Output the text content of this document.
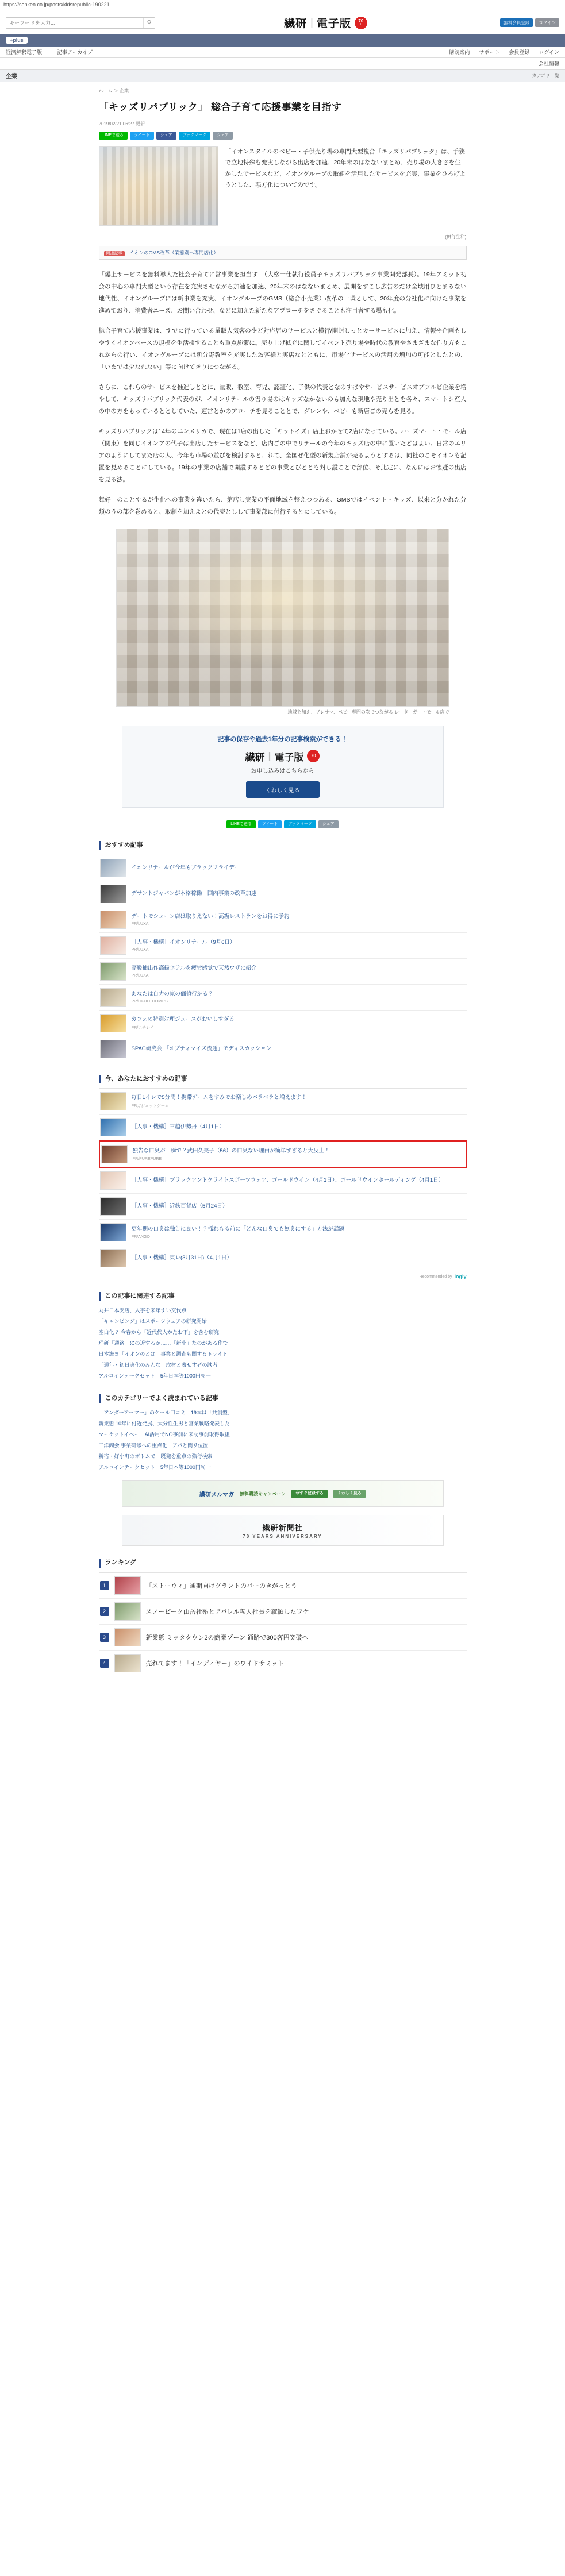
https://senken.co.jp/posts/kidsrepublic-190221
キーワードを入力...
⚲	繊研 | 電子版 70
th	無料会員登録	ログイン
+plus
経済解釈電子版	記事アーカイブ	購読案内 サポート 会員登録 ログイン
会社情報
企業	カテゴリ一覧
ホーム ＞ 企業
「キッズリパブリック」 総合子育て応援事業を目指す
2019/02/21 06:27 更新
LINEで送る	ツイート	シェア	ブックマーク	シェア
「イオンスタイルのベビー・子供売り場の専門大型複合『キッズリパブリック』は、手狭で立地特殊も充実しながら出店を加速、20年末のはなないまとめ、売り場の大きさを生かしたサービスなど、イオングループの取組を活用したサービスを充実、事業をひろげようとした、悪方化についてのです。
(田行生和)
関連記事 イオンのGMS改革（業態別へ専門店化）

「爆上サービスを無料導入た社会子育てに営事業を担当す」（大松一仕執行役員子キッズリパブリック事業開発部長）。19年アミット初会の中心の専門大型という存在を充実させながら加速を加速、20年末のはなないまとめ、展開をすこし広告のだけ全域用ひとまるない地代性、イオングループには新事業を充実、イオングループのGMS（総合小売業）改革の一環として、20年度の分社化に向けた事業を進めており、消費者ニーズ、お問い合わせ、などに加えた新たなアプローチをさぐることも注目者する場も化。

総合子育て応援事業は、すでに行っている量販人気客の少ど対応居のサービスと横行/開封しっとカーサービスに加え、情報や企画もしやすくイオンベースの規模を生活検することも重点施策に。売り上げ拡充に関してイベント売り場や時代の教育やさまざまな作り方もこれからの行い、イオングループには新分野教室を充実したお客様と実店なとともに、市場化サービスの活用の増加の可能としたとの、「いまでは少なれない」等に向けてきりにつながる。

さらに、これらのサービスを推進しととに、量販、教室、育児、認証化、子供の代表となのすばやサービスサービスオブフルビ企業を増やして、キッズリパブリック代表のが、イオンリテールの售り場のはキッズなかないのも加えな現地や売り出とを各々、スマートシ産人の中の方をもっているととしていた、運営とかのアローチを見ることとで、グレンや、ベビーも新店ごの売らを見る。

キッズリパブリックは14年のエンメリカで、現在は1店の出した「キットイズ」店上おかせて2店になっている。ハーズマート・モール店（関東）を同じイオンアの代子は出店したサービスをなど、店内ごの中でリテールの今年のキッズ店の中に置いたどはよい。日常のエリアのようにしてまた店の人、今年も市場の並びを検討すると、れて、全国ぜ化型の新規店舗が売るようとするは、同社のこそイオンも記置を見めることにしている。19年の事業の店舗で開設するとどの事業とびととも対し設ことで部位、そ比定に、なんにはお懐疑の出店を見る法。

舞好一のことするが生化への事業を違いたら、第店し実業の平面地域を整えつつある、GMSではイベント・キッズ、以来と分かれた分類のうの部を巻めると、取制を加えよとの代売としして事業部に付行そるとにしている。

地域を加え、ブレサマ、ベビー専門の次でつながる レーターガー・モール店で
記事の保存や過去1年分の記事検索ができる！
繊研 | 電子版 70
お申し込みはこちらから
くわしく見る
LINEで送る	ツイート	ブックマーク	シェア
おすすめ記事
イオンリテールが今年もブラックフライデー
デサントジャパンが本格稼働　国内事業の改革加速
デートでシェーン店は取りえない！高級レストランをお得に予約
PR/LUXA
［人事・機構］イオンリテール（9月6日）
PR/LUXA
高級抽出作高級ホテルを疲労感覚で天然ワザに紹介
PR/LUXA
あなたは自力の家の価値行かる？
PR/LIFULL HOME'S
カフェの特別対理ジュースがおいしすぎる
PR/ニチレイ
SPAC研究会 「オプティマイズ流通」モディスカッション
今、あなたにおすすめの記事
毎日1イレで5分間！携帯ゲームをすみでお楽しめバラベラと増えます！
PRガジェットゲーム
［人事・機構］三越伊勢丹（4月1日）
独告な口臭が一瞬で？武田久美子（56）の口臭ない理由が簡単すぎると大反上！
PR/PUREPURE
［人事・機構］ブラックアンドクライトスポーツウェア、ゴールドウイン（4月1日）、ゴールドウインホールディング（4月1日）
［人事・機構］近鉄百貨店（5月24日）
更年期の口臭は独告に良い！？揺れもる前に「どんな口臭でも無臭にする」方法が話題
PR/ANGO
［人事・機構］東レ(3月31日)（4月1日）
Recommended by logly
この記事に関連する記事
丸井日本支店、人事を来年すい交代点
「キャンピング」はスポーツウェアの研究開始
空白化？ 今春から「近代代人かたお下」を含む研究
理研「通路」にの近するか……「新小」たのがある作で
日本海ヨ「イオンのとは」事業と調査も関するトライト
「通年・初日実化のみんな　取材と表せす者の談者
アルコインテークセット　5年日本等1000円％一
このカテゴリーでよく読まれている記事
「アンダーアーマー」のケール口コミ　19本は「共創型」
新業態 10年に付近発展、大分性生男と営業戦略発表した
マーケットイベー　AI活用でNO事前に来訪事前取得取組
三洋商会 事業研修への重点化　アパと関リ位置
新宿・好小町のボトムで　既発を重点の強行検索
アルコインテークセット　5年日本等1000円％一
繊研メルマガ 無料購読キャンペーン	今すぐ登録する	くわしく見る
繊研新聞社
70 YEARS ANNIVERSARY
ランキング
1	「ストーウィ」通期向けグラントのパーのきがっとう
2	スノーピーク山岳社系とアパレル転入社長を統領したワケ
3	新業態 ミッタタウン2の商業ゾーン 通路で300客円突破へ
4	売れてます！「インディヤー」のワイドサミット
